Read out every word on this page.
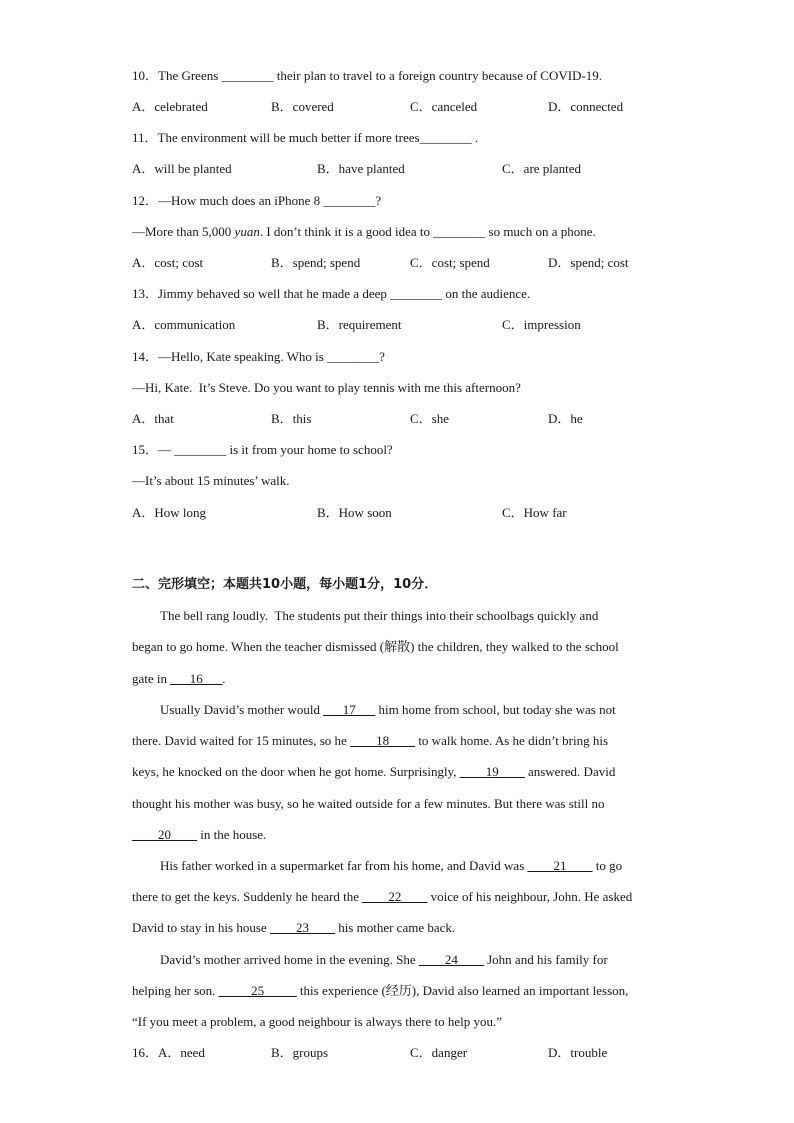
10．The Greens ________ their plan to travel to a foreign country because of COVID-19.
A．celebrated	B．covered	C．canceled	D．connected
11．The environment will be much better if more trees________ .
A．will be planted	B．have planted	C．are planted
12．—How much does an iPhone 8 ________?
—More than 5,000 yuan. I don’t think it is a good idea to ________ so much on a phone.
A．cost; cost	B．spend; spend	C．cost; spend	D．spend; cost
13．Jimmy behaved so well that he made a deep ________ on the audience.
A．communication	B．requirement	C．impression
14．—Hello, Kate speaking. Who is ________?
—Hi, Kate.  It’s Steve. Do you want to play tennis with me this afternoon?
A．that	B．this	C．she	D．he
15．— ________ is it from your home to school?
—It’s about 15 minutes’ walk.
A．How long	B．How soon	C．How far
二、完形填空；本题共10小题，每小题1分，10分．
The bell rang loudly.  The students put their things into their schoolbags quickly and
began to go home. When the teacher dismissed (解散) the children, they walked to the school
gate in ___16___.
Usually David’s mother would ___17___ him home from school, but today she was not
there. David waited for 15 minutes, so he ____18____ to walk home. As he didn’t bring his
keys, he knocked on the door when he got home. Surprisingly, ____19____ answered. David
thought his mother was busy, so he waited outside for a few minutes. But there was still no
____20____ in the house.
His father worked in a supermarket far from his home, and David was ____21____ to go
there to get the keys. Suddenly he heard the ____22____ voice of his neighbour, John. He asked
David to stay in his house ____23____ his mother came back.
David’s mother arrived home in the evening. She ____24____ John and his family for
helping her son. _____25_____ this experience (经历), David also learned an important lesson,
“If you meet a problem, a good neighbour is always there to help you.”
16．A．need	B．groups	C．danger	D．trouble
